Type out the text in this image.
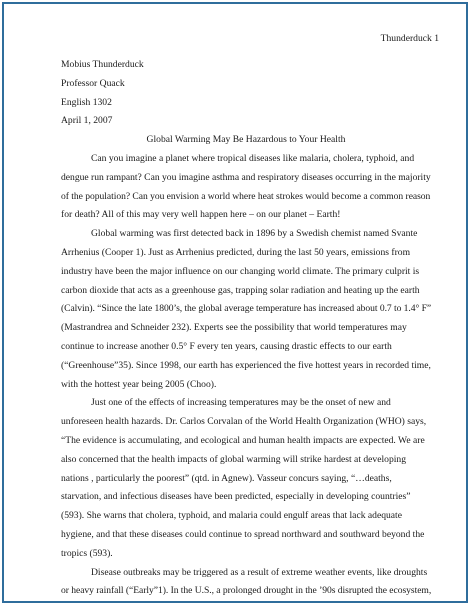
Thunderduck 1
Mobius Thunderduck
Professor Quack
English 1302
April 1, 2007
Global Warming May Be Hazardous to Your Health

Can you imagine a planet where tropical diseases like malaria, cholera, typhoid, and
dengue run rampant? Can you imagine asthma and respiratory diseases occurring in the majority
of the population? Can you envision a world where heat strokes would become a common reason
for death? All of this may very well happen here – on our planet – Earth!

Global warming was first detected back in 1896 by a Swedish chemist named Svante
Arrhenius (Cooper 1). Just as Arrhenius predicted, during the last 50 years, emissions from
industry have been the major influence on our changing world climate. The primary culprit is
carbon dioxide that acts as a greenhouse gas, trapping solar radiation and heating up the earth
(Calvin). “Since the late 1800’s, the global average temperature has increased about 0.7 to 1.4° F”
(Mastrandrea and Schneider 232). Experts see the possibility that world temperatures may
continue to increase another 0.5° F every ten years, causing drastic effects to our earth
(“Greenhouse”35). Since 1998, our earth has experienced the five hottest years in recorded time,
with the hottest year being 2005 (Choo).

Just one of the effects of increasing temperatures may be the onset of new and
unforeseen health hazards. Dr. Carlos Corvalan of the World Health Organization (WHO) says,
“The evidence is accumulating, and ecological and human health impacts are expected. We are
also concerned that the health impacts of global warming will strike hardest at developing
nations , particularly the poorest” (qtd. in Agnew). Vasseur concurs saying, “…deaths,
starvation, and infectious diseases have been predicted, especially in developing countries”
(593). She warns that cholera, typhoid, and malaria could engulf areas that lack adequate
hygiene, and that these diseases could continue to spread northward and southward beyond the
tropics (593).

Disease outbreaks may be triggered as a result of extreme weather events, like droughts
or heavy rainfall (“Early”1). In the U.S., a prolonged drought in the ’90s disrupted the ecosystem,
